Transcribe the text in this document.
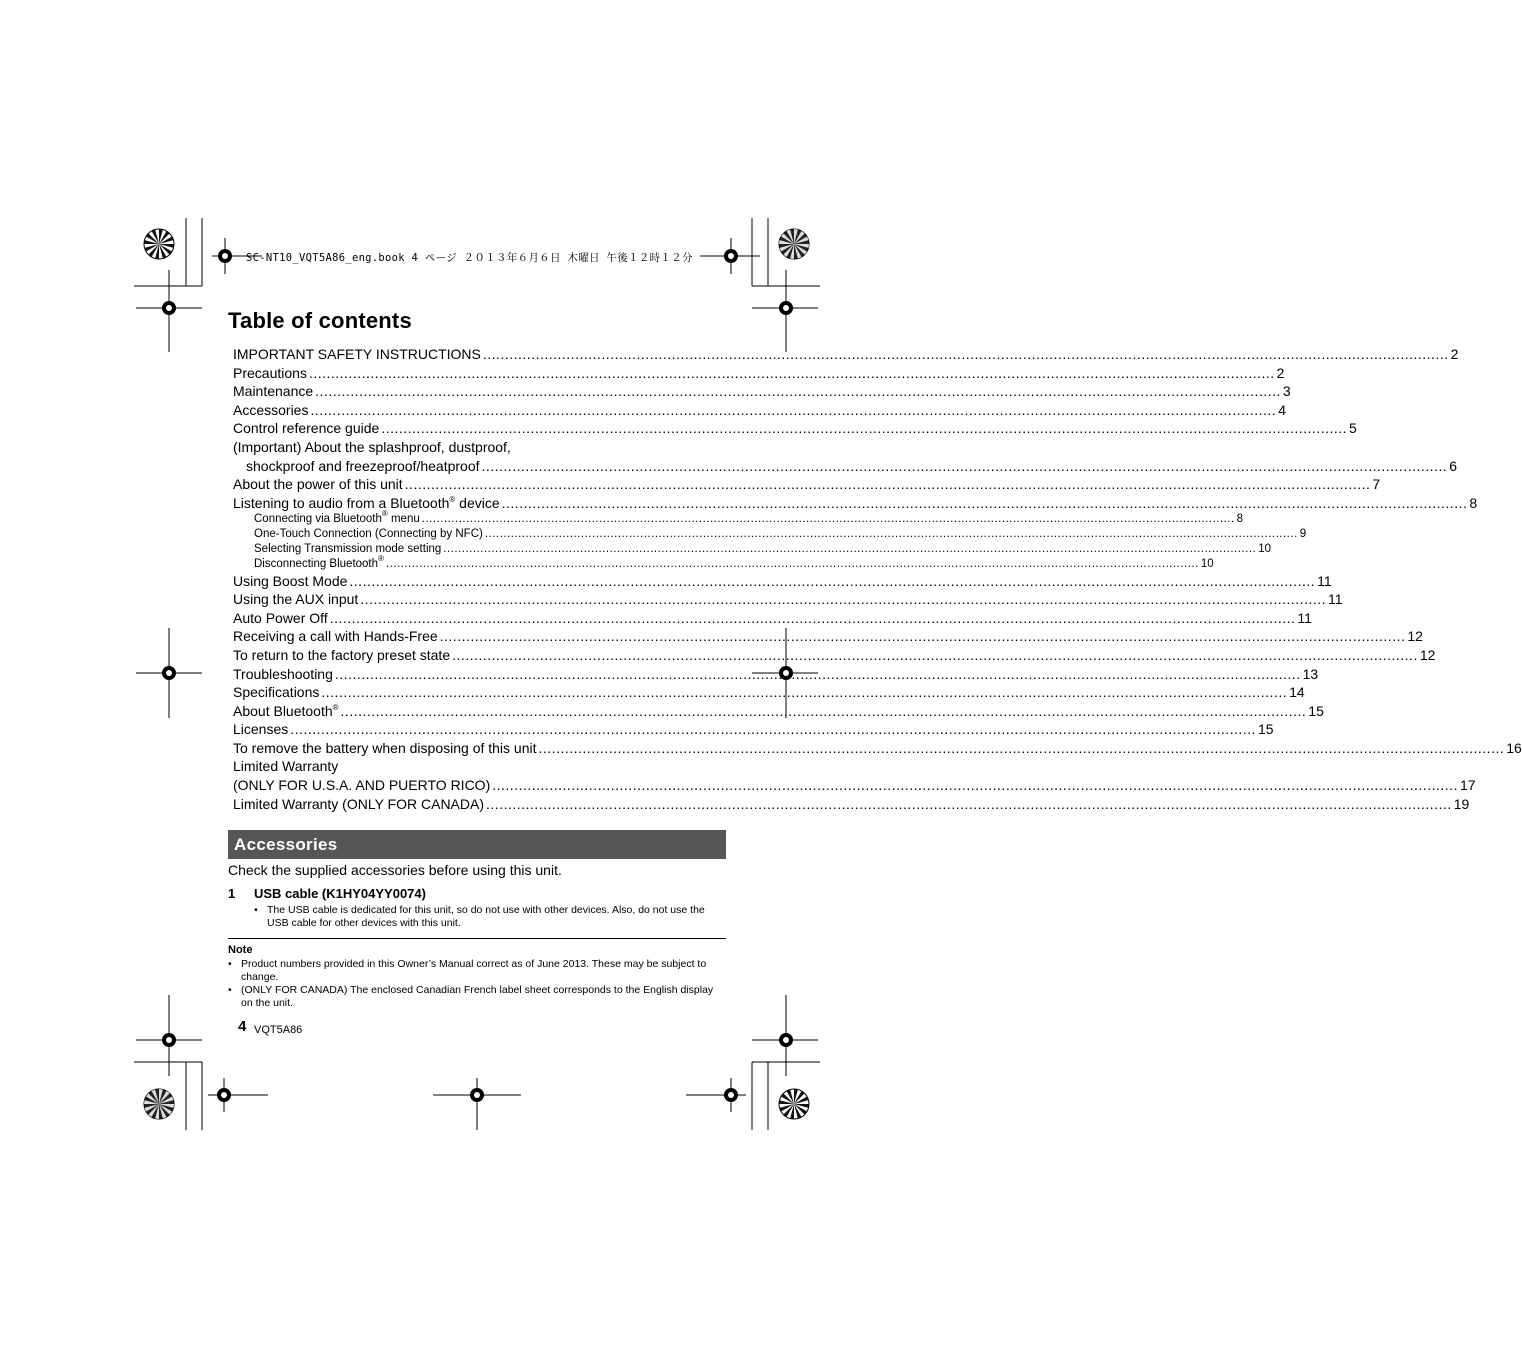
SC-NT10_VQT5A86_eng.book 4 ページ ２０１３年６月６日 木曜日 午後１２時１２分
Table of contents
IMPORTANT SAFETY INSTRUCTIONS ............................................................................................................................................................................................................................ 2
Precautions ............................................................................................................................................................................................................................ 2
Maintenance ............................................................................................................................................................................................................................ 3
Accessories ............................................................................................................................................................................................................................ 4
Control reference guide ............................................................................................................................................................................................................................ 5
(Important) About the splashproof, dustproof,
shockproof and freezeproof/heatproof ............................................................................................................................................................................................................................ 6
About the power of this unit ............................................................................................................................................................................................................................ 7
Listening to audio from a Bluetooth® device ............................................................................................................................................................................................................................ 8
Connecting via Bluetooth® menu ............................................................................................................................................................................................................................ 8
One-Touch Connection (Connecting by NFC) ............................................................................................................................................................................................................................ 9
Selecting Transmission mode setting ............................................................................................................................................................................................................................ 10
Disconnecting Bluetooth® ............................................................................................................................................................................................................................ 10
Using Boost Mode ............................................................................................................................................................................................................................ 11
Using the AUX input ............................................................................................................................................................................................................................ 11
Auto Power Off ............................................................................................................................................................................................................................ 11
Receiving a call with Hands-Free ............................................................................................................................................................................................................................ 12
To return to the factory preset state ............................................................................................................................................................................................................................ 12
Troubleshooting ............................................................................................................................................................................................................................ 13
Specifications ............................................................................................................................................................................................................................ 14
About Bluetooth® ............................................................................................................................................................................................................................ 15
Licenses ............................................................................................................................................................................................................................ 15
To remove the battery when disposing of this unit ............................................................................................................................................................................................................................ 16
Limited Warranty
(ONLY FOR U.S.A. AND PUERTO RICO) ............................................................................................................................................................................................................................ 17
Limited Warranty (ONLY FOR CANADA) ............................................................................................................................................................................................................................ 19
Accessories
Check the supplied accessories before using this unit.
1 USB cable (K1HY04YY0074)
• The USB cable is dedicated for this unit, so do not use with other devices. Also, do not use the USB cable for other devices with this unit.
Note
• Product numbers provided in this Owner’s Manual correct as of June 2013. These may be subject to change.
• (ONLY FOR CANADA) The enclosed Canadian French label sheet corresponds to the English display on the unit.
4 VQT5A86
